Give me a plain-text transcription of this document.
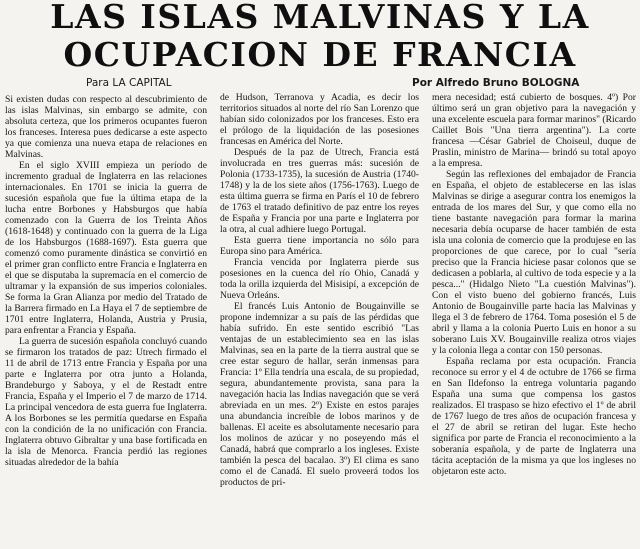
LAS ISLAS MALVINAS Y LA
OCUPACION DE FRANCIA
Para LA CAPITAL	Por Alfredo Bruno BOLOGNA

Si existen dudas con respecto al descubrimiento de las islas Malvinas, sin embargo se admite, con absoluta certeza, que los primeros ocupantes fueron los franceses. Interesa pues dedicarse a este aspecto ya que comienza una nueva etapa de relaciones en Malvinas.

En el siglo XVIII empieza un período de incremento gradual de Inglaterra en las relaciones internacionales. En 1701 se inicia la guerra de sucesión española que fue la última etapa de la lucha entre Borbones y Habsburgos que había comenzado con la Guerra de los Treinta Años (1618-1648) y continuado con la guerra de la Liga de los Habsburgos (1688-1697). Esta guerra que comenzó como puramente dinástica se convirtió en el primer gran conflicto entre Francia e Inglaterra en el que se disputaba la supremacía en el comercio de ultramar y la expansión de sus imperios coloniales. Se forma la Gran Alianza por medio del Tratado de la Barrera firmado en La Haya el 7 de septiembre de 1701 entre Inglaterra, Holanda, Austria y Prusia, para enfrentar a Francia y España.

La guerra de sucesión española concluyó cuando se firmaron los tratados de paz: Utrech firmado el 11 de abril de 1713 entre Francia y España por una parte e Inglaterra por otra junto a Holanda, Brandeburgo y Saboya, y el de Restadt entre Francia, España y el Imperio el 7 de marzo de 1714. La principal vencedora de esta guerra fue Inglaterra. A los Borbones se les permitía quedarse en España con la condición de la no unificación con Francia. Inglaterra obtuvo Gibraltar y una base fortificada en la isla de Menorca. Francia perdió las regiones situadas alrededor de la bahía

de Hudson, Terranova y Acadia, es decir los territorios situados al norte del río San Lorenzo que habían sido colonizados por los franceses. Esto era el prólogo de la liquidación de las posesiones francesas en América del Norte.

Después de la paz de Utrech, Francia está involucrada en tres guerras más: sucesión de Polonia (1733-1735), la sucesión de Austria (1740-1748) y la de los siete años (1756-1763). Luego de esta última guerra se firma en París el 10 de febrero de 1763 el tratado definitivo de paz entre los reyes de España y Francia por una parte e Inglaterra por la otra, al cual adhiere luego Portugal.

Esta guerra tiene importancia no sólo para Europa sino para América.

Francia vencida por Inglaterra pierde sus posesiones en la cuenca del río Ohio, Canadá y toda la orilla izquierda del Misisipí, a excepción de Nueva Orleáns.

El francés Luis Antonio de Bougainville se propone indemnizar a su país de las pérdidas que había sufrido. En este sentido escribió "Las ventajas de un establecimiento sea en las islas Malvinas, sea en la parte de la tierra austral que se cree estar seguro de hallar, serán inmensas para Francia: 1º Ella tendría una escala, de su propiedad, segura, abundantemente provista, sana para la navegación hacia las Indias navegación que se verá abreviada en un mes. 2º) Existe en estos parajes una abundancia increíble de lobos marinos y de ballenas. El aceite es absolutamente necesario para los molinos de azúcar y no poseyendo más el Canadá, habrá que comprarlo a los ingleses. Existe también la pesca del bacalao. 3º) El clima es sano como el de Canadá. El suelo proveerá todos los productos de pri-

mera necesidad; está cubierto de bosques. 4º) Por último será un gran objetivo para la navegación y una excelente escuela para formar marinos" (Ricardo Caillet Bois "Una tierra argentina"). La corte francesa —César Gabriel de Choiseul, duque de Praslin, ministro de Marina— brindó su total apoyo a la empresa.

Según las reflexiones del embajador de Francia en España, el objeto de establecerse en las islas Malvinas se dirige a asegurar contra los enemigos la entrada de los mares del Sur, y que como ella no tiene bastante navegación para formar la marina necesaria debía ocuparse de hacer también de esta isla una colonia de comercio que la produjese en las proporciones de que carece, por lo cual "sería preciso que la Francia hiciese pasar colonos que se dedicasen a poblarla, al cultivo de toda especie y a la pesca..." (Hidalgo Nieto "La cuestión Malvinas"). Con el visto bueno del gobierno francés, Luis Antonio de Bougainville parte hacia las Malvinas y llega el 3 de febrero de 1764. Toma posesión el 5 de abril y llama a la colonia Puerto Luis en honor a su soberano Luis XV. Bougainville realiza otros viajes y la colonia llega a contar con 150 personas.

España reclama por esta ocupación. Francia reconoce su error y el 4 de octubre de 1766 se firma en San Ildefonso la entrega voluntaria pagando España una suma que compensa los gastos realizados. El traspaso se hizo efectivo el 1º de abril de 1767 luego de tres años de ocupación francesa y el 27 de abril se retiran del lugar. Este hecho significa por parte de Francia el reconocimiento a la soberanía española, y de parte de Inglaterra una tácita aceptación de la misma ya que los ingleses no objetaron este acto.
